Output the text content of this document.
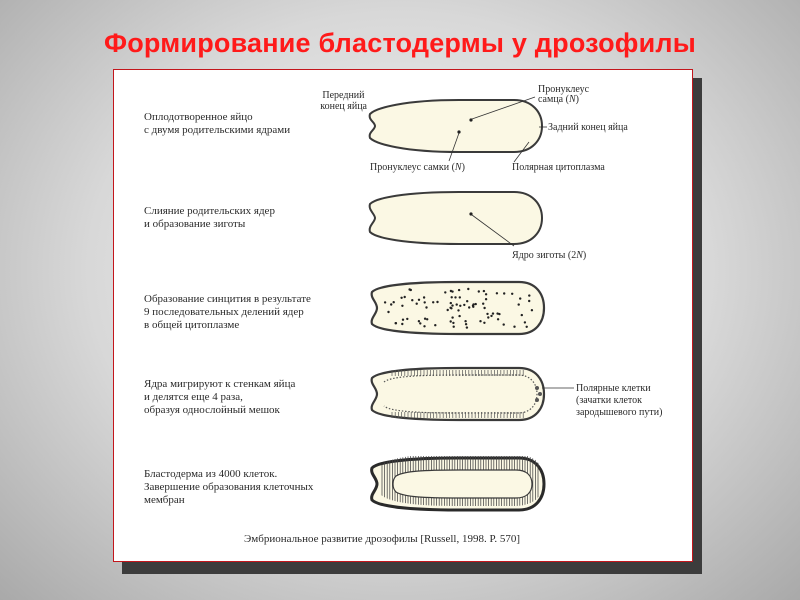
Формирование бластодермы у дрозофилы
Оплодотворенное яйцо с двумя родительскими ядрами
Слияние родительских ядер и образование зиготы
Образование синцития в результате 9 последовательных делений ядер в общей цитоплазме
Ядра мигрируют к стенкам яйца и делятся еще 4 раза, образуя однослойный мешок
Бластодерма из 4000 клеток. Завершение образования клеточных мембран
Передний конец яйца
Пронуклеус самца (N)
Задний конец яйца
Пронуклеус самки (N)	Полярная цитоплазма
Ядро зиготы (2N)
Полярные клетки (зачатки клеток зародышевого пути)
Эмбриональное развитие дрозофилы [Russell, 1998. P. 570]
